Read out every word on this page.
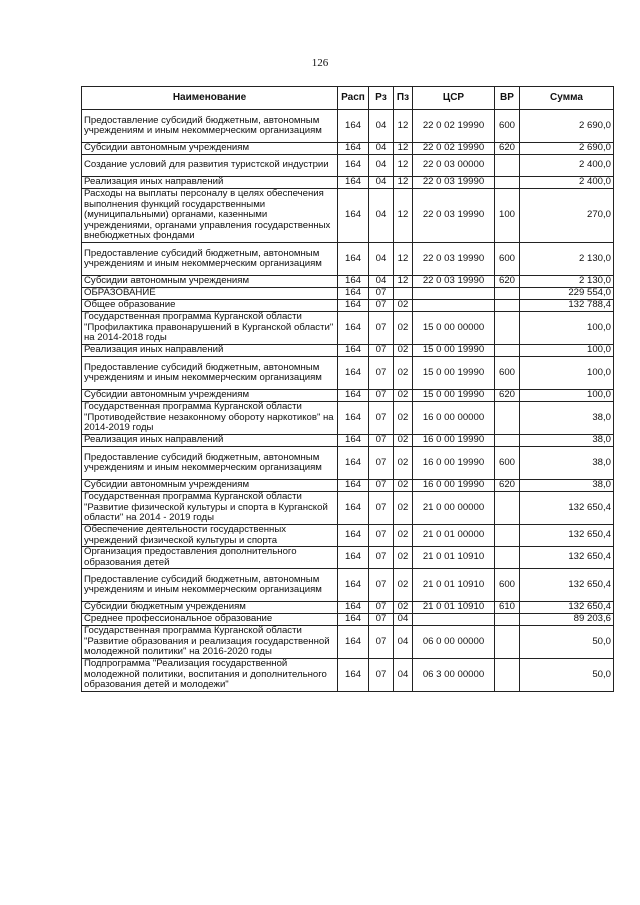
126
Наименование	Расп	Рз	Пз	ЦСР	ВР	Сумма
Предоставление субсидий бюджетным, автономным учреждениям и иным некоммерческим организациям	164	04	12	22 0 02 19990	600	2 690,0
Субсидии автономным учреждениям	164	04	12	22 0 02 19990	620	2 690,0
Создание условий для развития туристской индустрии	164	04	12	22 0 03 00000		2 400,0
Реализация иных направлений	164	04	12	22 0 03 19990		2 400,0
Расходы на выплаты персоналу в целях обеспечения выполнения функций государственными (муниципальными) органами, казенными учреждениями, органами управления государственных внебюджетных фондами	164	04	12	22 0 03 19990	100	270,0
Предоставление субсидий бюджетным, автономным учреждениям и иным некоммерческим организациям	164	04	12	22 0 03 19990	600	2 130,0
Субсидии автономным учреждениям	164	04	12	22 0 03 19990	620	2 130,0
ОБРАЗОВАНИЕ	164	07				229 554,0
Общее образование	164	07	02			132 788,4
Государственная программа Курганской области "Профилактика правонарушений в Курганской области" на 2014-2018 годы	164	07	02	15 0 00 00000		100,0
Реализация иных направлений	164	07	02	15 0 00 19990		100,0
Предоставление субсидий бюджетным, автономным учреждениям и иным некоммерческим организациям	164	07	02	15 0 00 19990	600	100,0
Субсидии автономным учреждениям	164	07	02	15 0 00 19990	620	100,0
Государственная программа Курганской области "Противодействие незаконному обороту наркотиков" на 2014-2019 годы	164	07	02	16 0 00 00000		38,0
Реализация иных направлений	164	07	02	16 0 00 19990		38,0
Предоставление субсидий бюджетным, автономным учреждениям и иным некоммерческим организациям	164	07	02	16 0 00 19990	600	38,0
Субсидии автономным учреждениям	164	07	02	16 0 00 19990	620	38,0
Государственная программа Курганской области "Развитие физической культуры и спорта в Курганской области" на 2014 - 2019 годы	164	07	02	21 0 00 00000		132 650,4
Обеспечение деятельности государственных учреждений физической культуры и спорта	164	07	02	21 0 01 00000		132 650,4
Организация предоставления дополнительного образования детей	164	07	02	21 0 01 10910		132 650,4
Предоставление субсидий бюджетным, автономным учреждениям и иным некоммерческим организациям	164	07	02	21 0 01 10910	600	132 650,4
Субсидии бюджетным учреждениям	164	07	02	21 0 01 10910	610	132 650,4
Среднее профессиональное образование	164	07	04			89 203,6
Государственная программа Курганской области "Развитие образования и реализация государственной молодежной политики" на 2016-2020 годы	164	07	04	06 0 00 00000		50,0
Подпрограмма "Реализация государственной молодежной политики, воспитания и дополнительного образования детей и молодежи"	164	07	04	06 3 00 00000		50,0
